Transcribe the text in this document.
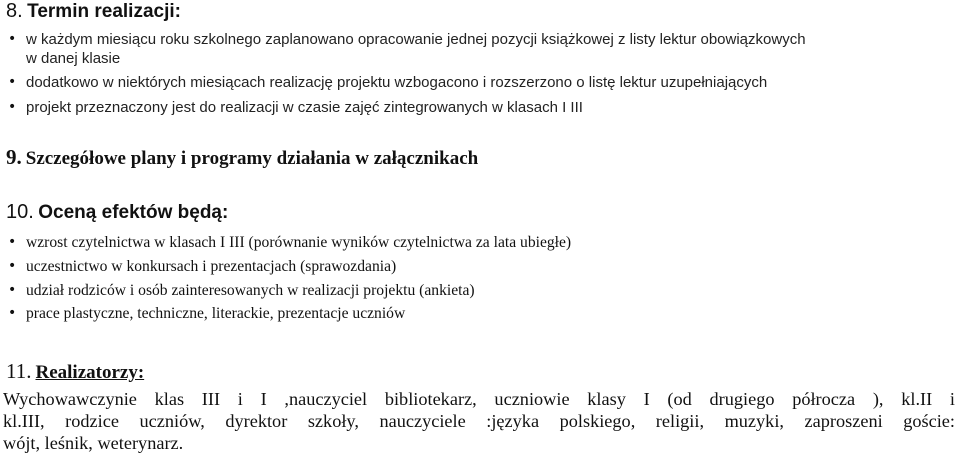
8. Termin realizacji:
• w każdym miesiącu roku szkolnego zaplanowano opracowanie jednej pozycji książkowej z listy lektur obowiązkowych
w danej klasie
• dodatkowo w niektórych miesiącach realizację projektu wzbogacono i rozszerzono o listę lektur uzupełniających
• projekt przeznaczony jest do realizacji w czasie zajęć zintegrowanych w klasach I III
9. Szczegółowe plany i programy działania w załącznikach
10. Oceną efektów będą:
• wzrost czytelnictwa w klasach I III (porównanie wyników czytelnictwa za lata ubiegłe)
• uczestnictwo w konkursach i prezentacjach (sprawozdania)
• udział rodziców i osób zainteresowanych w realizacji projektu (ankieta)
• prace plastyczne, techniczne, literackie, prezentacje uczniów
11. Realizatorzy:
Wychowawczynie klas III i I ,nauczyciel bibliotekarz, uczniowie klasy I (od drugiego półrocza ), kl.II i
kl.III, rodzice uczniów, dyrektor szkoły, nauczyciele :języka polskiego, religii, muzyki, zaproszeni goście:
wójt, leśnik, weterynarz.
